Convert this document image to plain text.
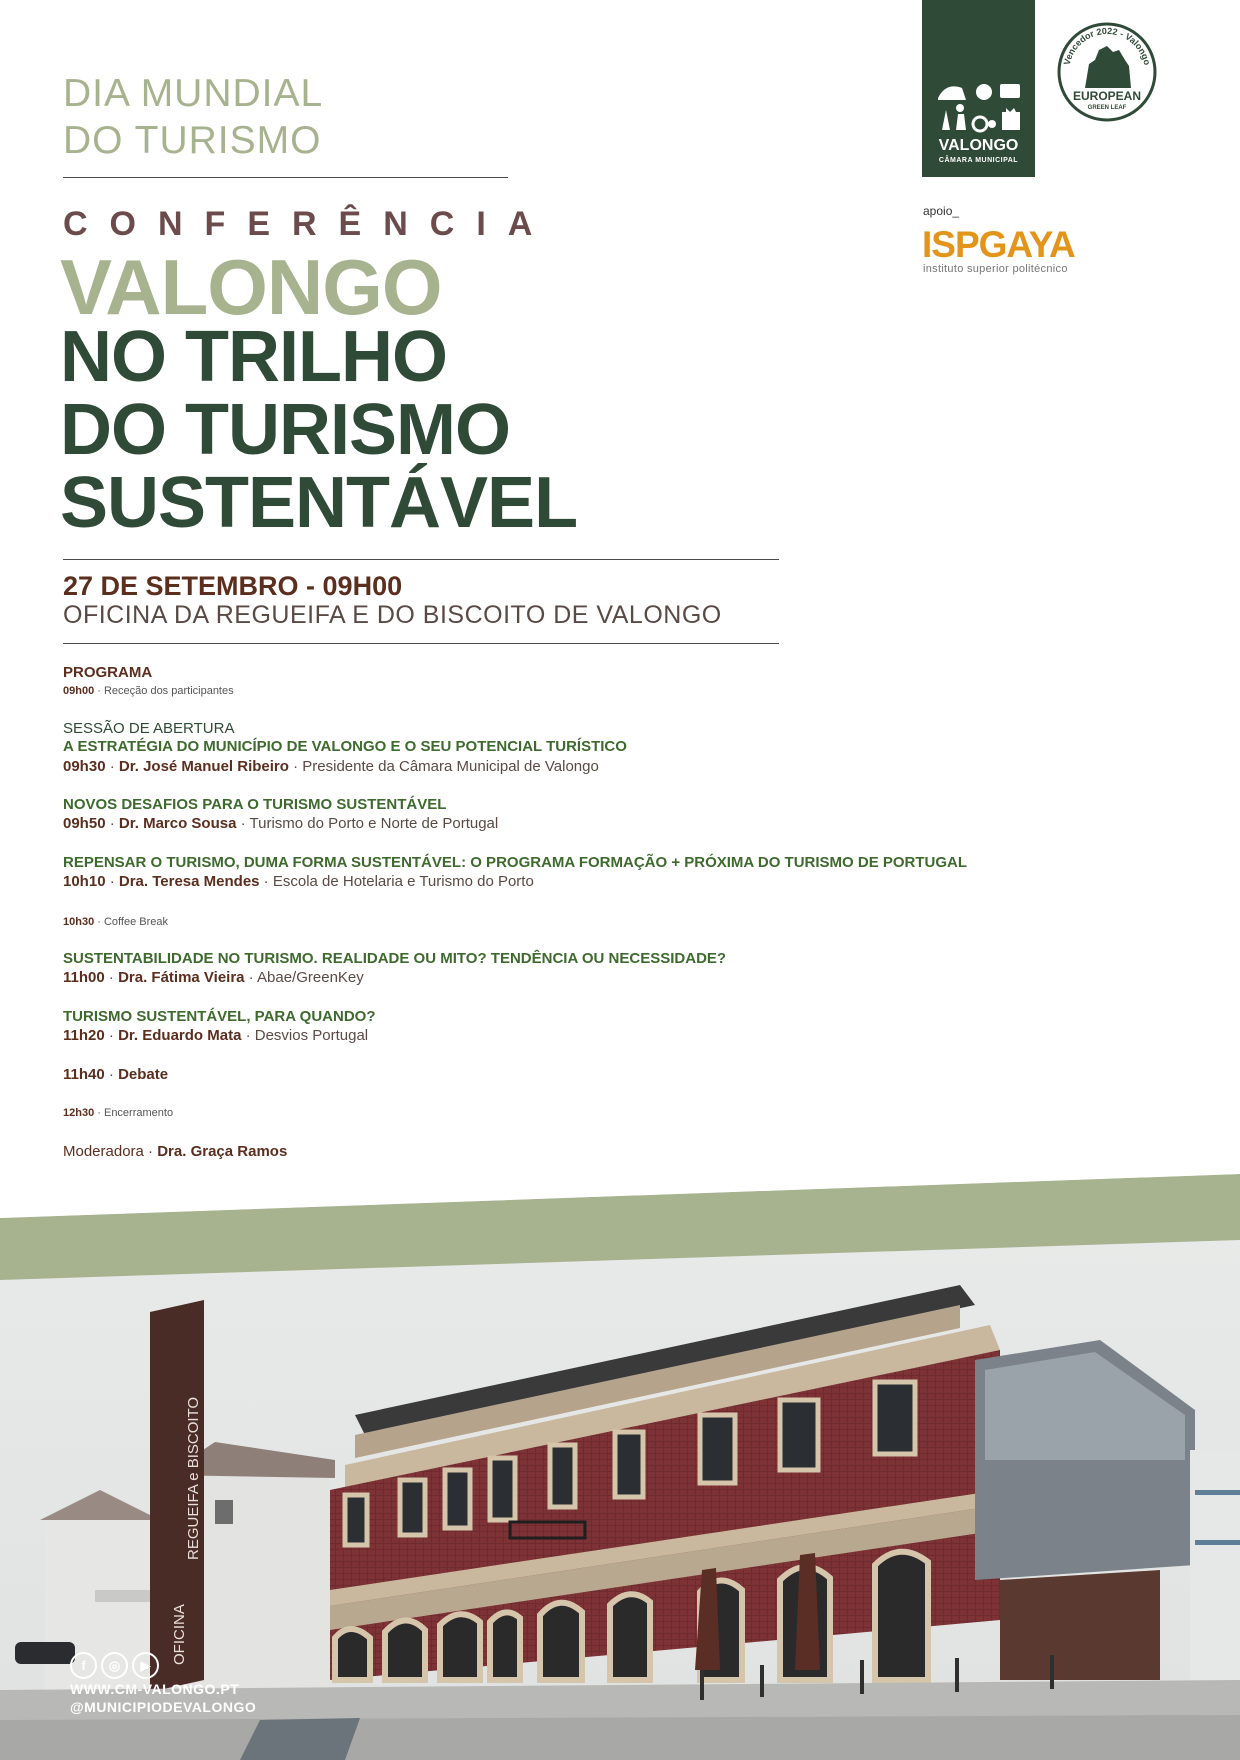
DIA MUNDIAL
DO TURISMO
CONFERÊNCIA
VALONGO
NO TRILHO
DO TURISMO
SUSTENTÁVEL
27 DE SETEMBRO - 09H00
OFICINA DA REGUEIFA E DO BISCOITO DE VALONGO
VALONGO
CÂMARA MUNICIPAL
Vencedor 2022 - Valongo
EUROPEAN
GREEN LEAF
apoio_
ISPGAYA
instituto superior politécnico
PROGRAMA
09h00 · Receção dos participantes
SESSÃO DE ABERTURA
A ESTRATÉGIA DO MUNICÍPIO DE VALONGO E O SEU POTENCIAL TURÍSTICO
09h30 · Dr. José Manuel Ribeiro · Presidente da Câmara Municipal de Valongo
NOVOS DESAFIOS PARA O TURISMO SUSTENTÁVEL
09h50 · Dr. Marco Sousa · Turismo do Porto e Norte de Portugal
REPENSAR O TURISMO, DUMA FORMA SUSTENTÁVEL: O PROGRAMA FORMAÇÃO + PRÓXIMA DO TURISMO DE PORTUGAL
10h10 · Dra. Teresa Mendes · Escola de Hotelaria e Turismo do Porto
10h30 · Coffee Break
SUSTENTABILIDADE NO TURISMO. REALIDADE OU MITO? TENDÊNCIA OU NECESSIDADE?
11h00 · Dra. Fátima Vieira · Abae/GreenKey
TURISMO SUSTENTÁVEL, PARA QUANDO?
11h20 · Dr. Eduardo Mata · Desvios Portugal
11h40 · Debate
12h30 · Encerramento
Moderadora · Dra. Graça Ramos
OFICINA
REGUEIFA e BISCOITO
f ◎ ▶
WWW.CM-VALONGO.PT
@MUNICIPIODEVALONGO
